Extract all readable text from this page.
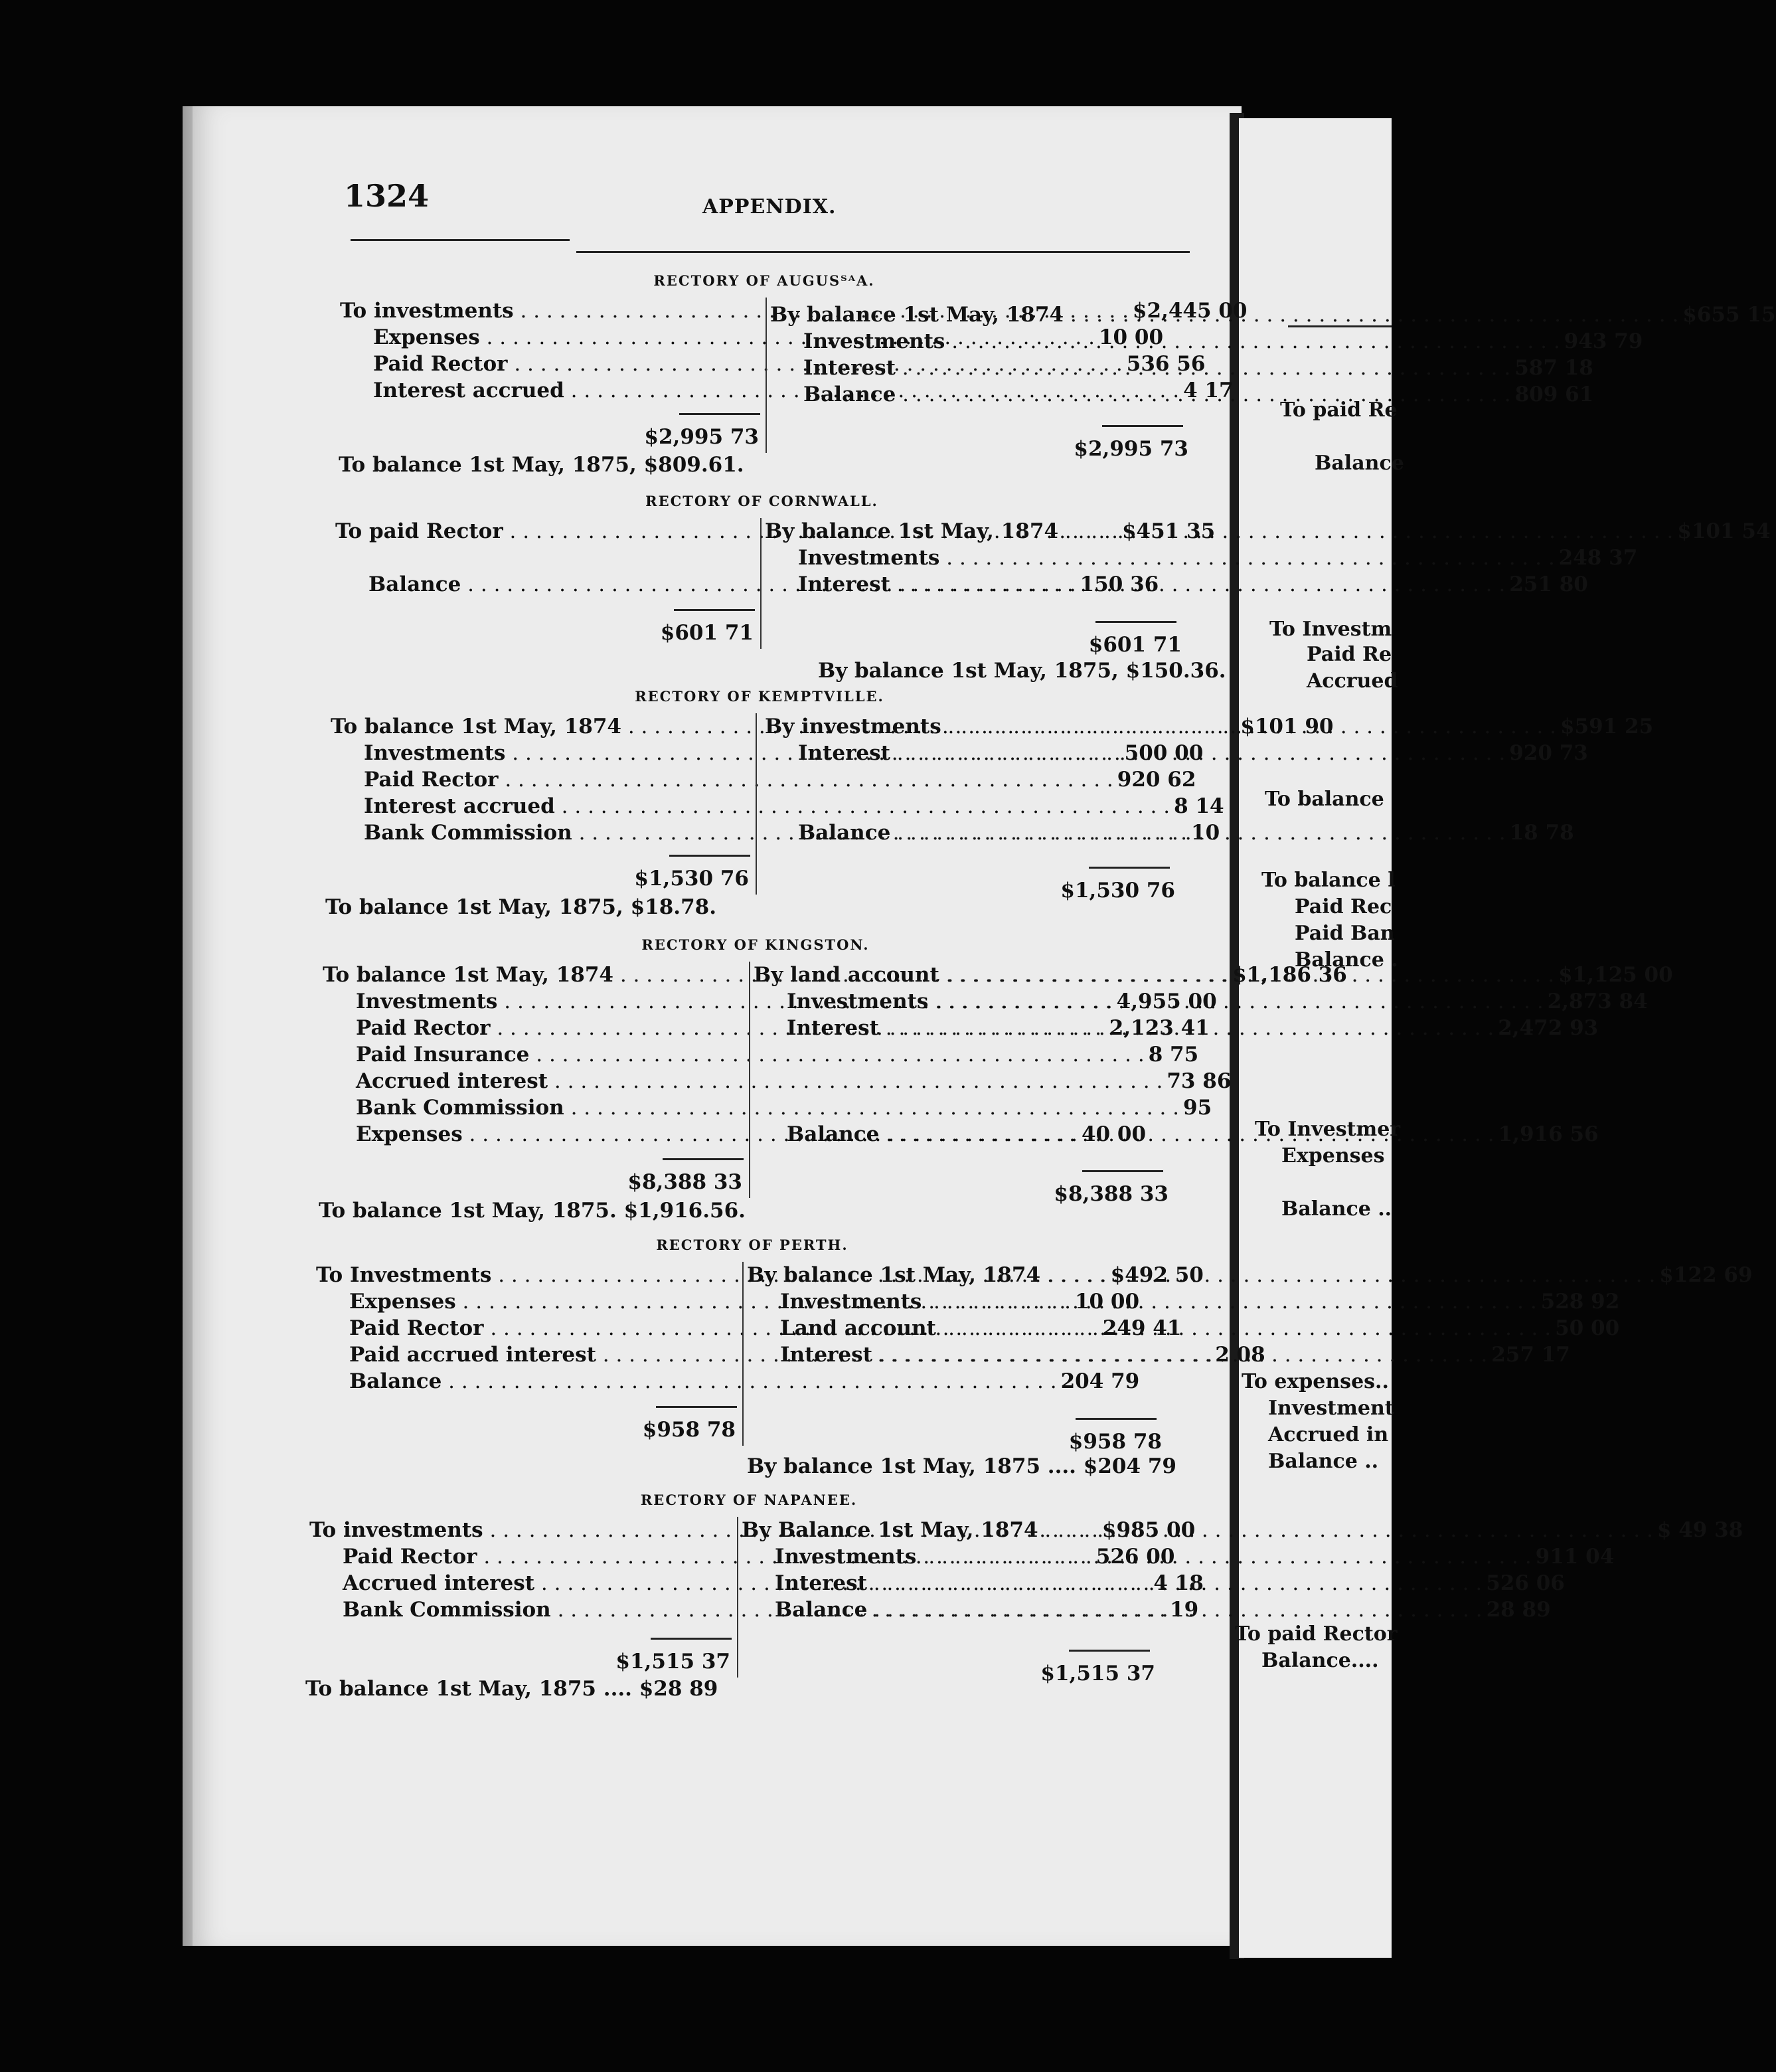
1324	APPENDIX.
RECTORY OF AUGUSᵀᴬA.
To investments . . .	$2,445 00
Expenses . . .	10 00
Paid Rector . . .	536 56
Interest accrued . . .	4 17
By balance 1st May, 1874 . . .	$655 15
Investments . . .	943 79
Interest . . .	587 18
Balance . . .	809 61
$2,995 73	$2,995 73
To balance 1st May, 1875, $809.61.
RECTORY OF CORNWALL.
To paid Rector . . .	$451 35
Balance . . .	150 36
By balance 1st May, 1874 . . .	$101 54
Investments . . .	248 37
Interest . . .	251 80
$601 71	$601 71
By balance 1st May, 1875, $150.36.
RECTORY OF KEMPTVILLE.
To balance 1st May, 1874 . . .	$101 90
Investments . . .	500 00
Paid Rector . . .	920 62
Interest accrued . . .	8 14
Bank Commission . . .	10
By investments . . .	$591 25
Interest . . .	920 73
Balance . . .	18 78
$1,530 76	$1,530 76
To balance 1st May, 1875, $18.78.
RECTORY OF KINGSTON.
To balance 1st May, 1874 . . .	$1,186 36
Investments . . .	4,955 00
Paid Rector . . .	2,123 41
Paid Insurance . . .	8 75
Accrued interest . . .	73 86
Bank Commission . . .	95
Expenses . . .	40 00
By land account . . .	$1,125 00
Investments . . .	2,873 84
Interest . . .	2,472 93
Balance . . .	1,916 56
$8,388 33	$8,388 33
To balance 1st May, 1875. $1,916.56.
RECTORY OF PERTH.
To Investments . . .	$492 50
Expenses . . .	10 00
Paid Rector . . .	249 41
Paid accrued interest . . .	2 08
Balance . . .	204 79
By balance 1st May, 1874 . . .	$122 69
Investments . . .	528 92
Land account . . .	50 00
Interest . . .	257 17
$958 78	$958 78
By balance 1st May, 1875 .... $204 79
RECTORY OF NAPANEE.
To investments . . .	$985 00
Paid Rector . . .	526 00
Accrued interest . . .	4 18
Bank Commission . . .	19
By Balance 1st May, 1874 . . .	$ 49 38
Investments . . .	911 04
Interest . . .	526 06
Balance . . .	28 89
$1,515 37	$1,515 37
To balance 1st May, 1875 .... $28 89
To paid Re
Balance
To Investm
Paid Re
Accrued
To balance
To balance l
Paid Rec
Paid Ban
Balance .
To Investmer
Expenses
Balance ..
To expenses..
Investment
Accrued in
Balance ..
To paid Rector
Balance....
